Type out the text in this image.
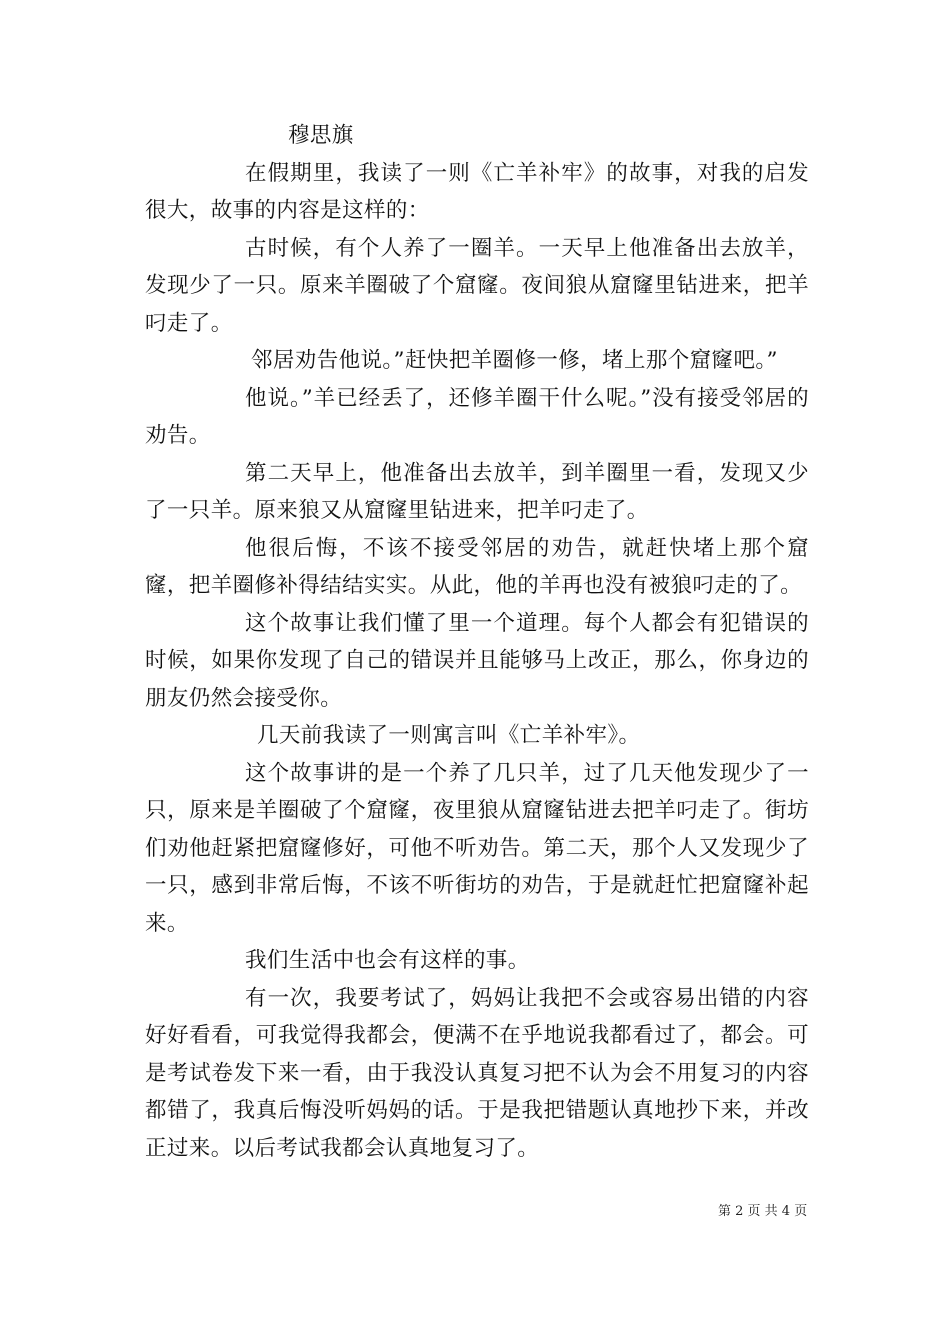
穆思旗

在假期里，我读了一则《亡羊补牢》的故事，对我的启发很大，故事的内容是这样的：

古时候，有个人养了一圈羊。一天早上他准备出去放羊，发现少了一只。原来羊圈破了个窟窿。夜间狼从窟窿里钻进来，把羊叼走了。

邻居劝告他说。”赶快把羊圈修一修，堵上那个窟窿吧。”

他说。”羊已经丢了，还修羊圈干什么呢。”没有接受邻居的劝告。

第二天早上，他准备出去放羊，到羊圈里一看，发现又少了一只羊。原来狼又从窟窿里钻进来，把羊叼走了。

他很后悔，不该不接受邻居的劝告，就赶快堵上那个窟窿，把羊圈修补得结结实实。从此，他的羊再也没有被狼叼走的了。

这个故事让我们懂了里一个道理。每个人都会有犯错误的时候，如果你发现了自己的错误并且能够马上改正，那么，你身边的朋友仍然会接受你。

几天前我读了一则寓言叫《亡羊补牢》。

这个故事讲的是一个养了几只羊，过了几天他发现少了一只，原来是羊圈破了个窟窿，夜里狼从窟窿钻进去把羊叼走了。街坊们劝他赶紧把窟窿修好，可他不听劝告。第二天，那个人又发现少了一只，感到非常后悔，不该不听街坊的劝告，于是就赶忙把窟窿补起来。

我们生活中也会有这样的事。

有一次，我要考试了，妈妈让我把不会或容易出错的内容好好看看，可我觉得我都会，便满不在乎地说我都看过了，都会。可是考试卷发下来一看，由于我没认真复习把不认为会不用复习的内容都错了，我真后悔没听妈妈的话。于是我把错题认真地抄下来，并改正过来。以后考试我都会认真地复习了。

第 2 页 共 4 页
